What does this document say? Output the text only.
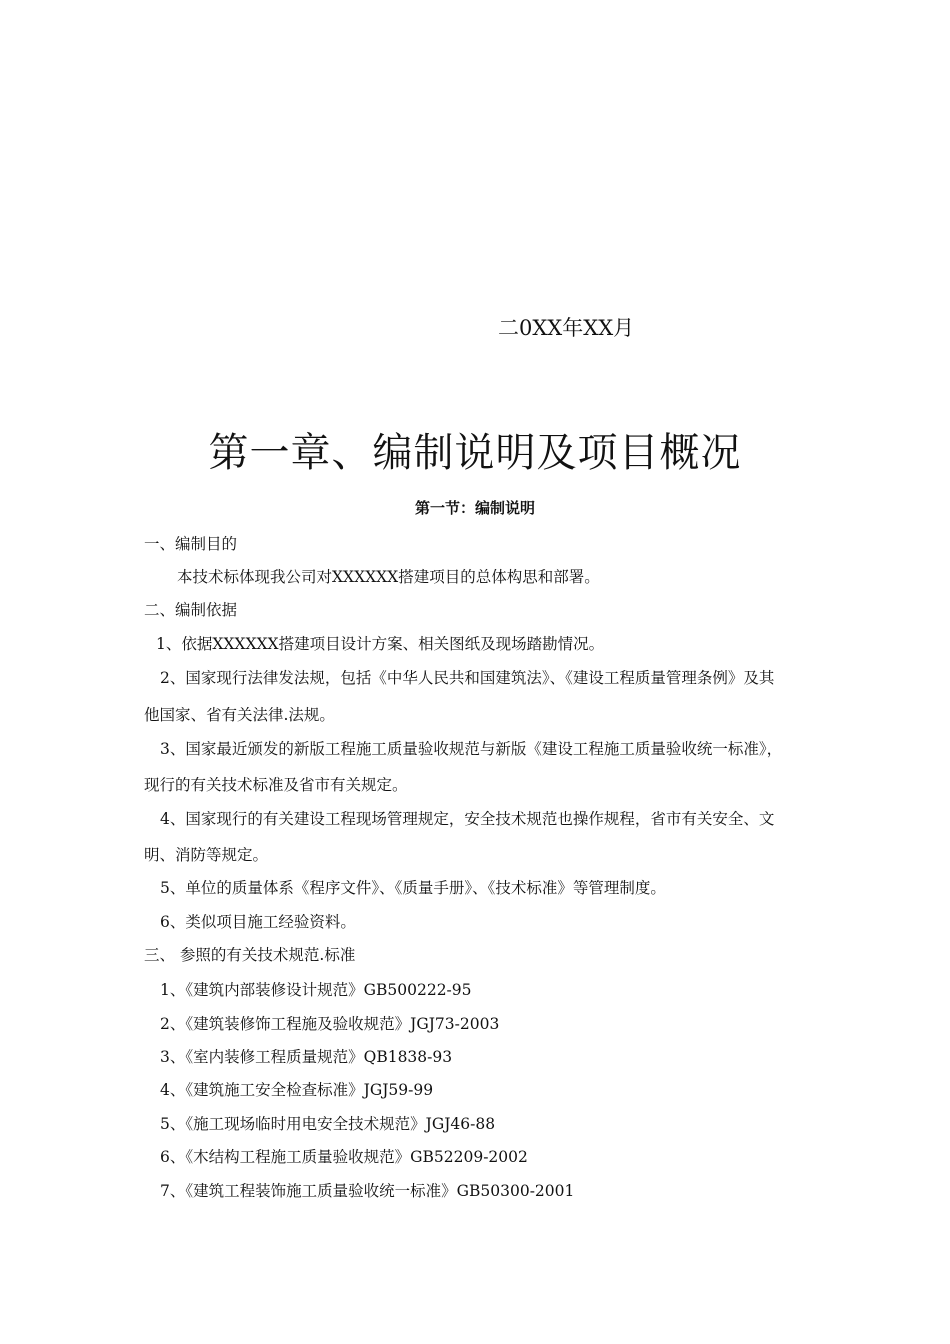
二0XX年XX月
第一章、编制说明及项目概况
第一节：编制说明
一、编制目的
本技术标体现我公司对XXXXXX搭建项目的总体构思和部署。
二、编制依据
1、依据XXXXXX搭建项目设计方案、相关图纸及现场踏勘情况。
2、国家现行法律发法规，包括《中华人民共和国建筑法》、《建设工程质量管理条例》及其
他国家、省有关法律.法规。
3、国家最近颁发的新版工程施工质量验收规范与新版《建设工程施工质量验收统一标准》，
现行的有关技术标准及省市有关规定。
4、国家现行的有关建设工程现场管理规定，安全技术规范也操作规程，省市有关安全、文
明、消防等规定。
5、单位的质量体系《程序文件》、《质量手册》、《技术标准》等管理制度。
6、类似项目施工经验资料。
三、 参照的有关技术规范.标准
1、《建筑内部装修设计规范》GB500222-95
2、《建筑装修饰工程施及验收规范》JGJ73-2003
3、《室内装修工程质量规范》QB1838-93
4、《建筑施工安全检查标准》JGJ59-99
5、《施工现场临时用电安全技术规范》JGJ46-88
6、《木结构工程施工质量验收规范》GB52209-2002
7、《建筑工程装饰施工质量验收统一标准》GB50300-2001
